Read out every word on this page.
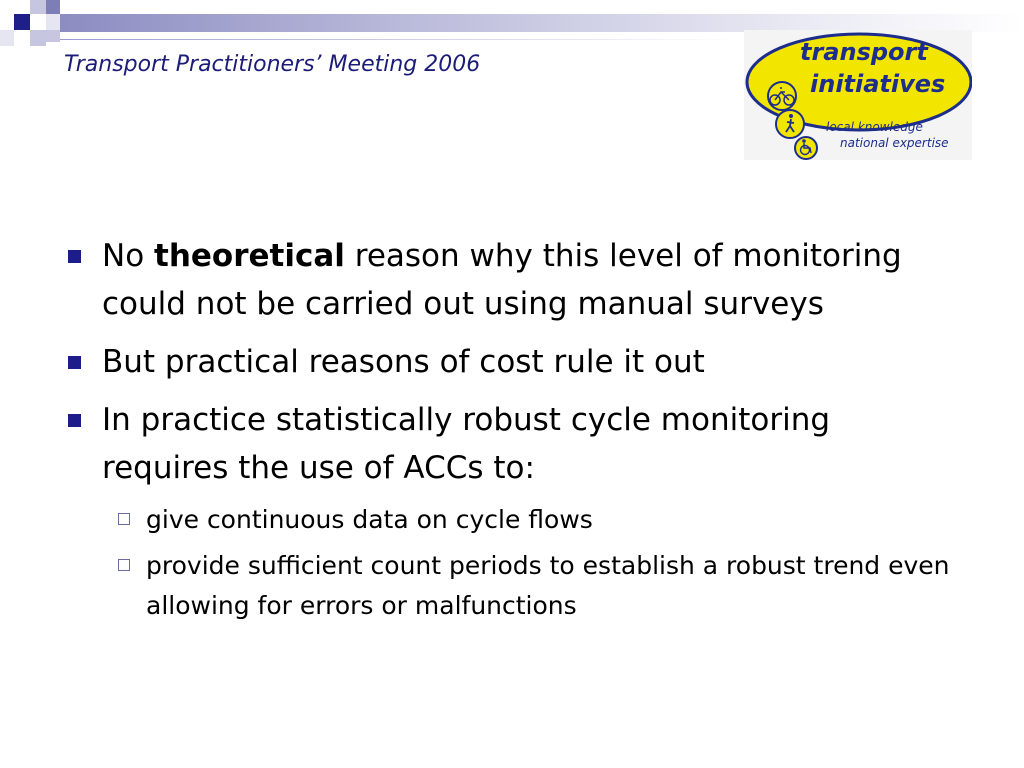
Transport Practitioners’ Meeting 2006	transport
initiatives
local knowledge
national expertise
No theoretical reason why this level of monitoring could not be carried out using manual surveys
But practical reasons of cost rule it out
In practice statistically robust cycle monitoring requires the use of ACCs to:
give continuous data on cycle flows
provide sufficient count periods to establish a robust trend even allowing for errors or malfunctions
